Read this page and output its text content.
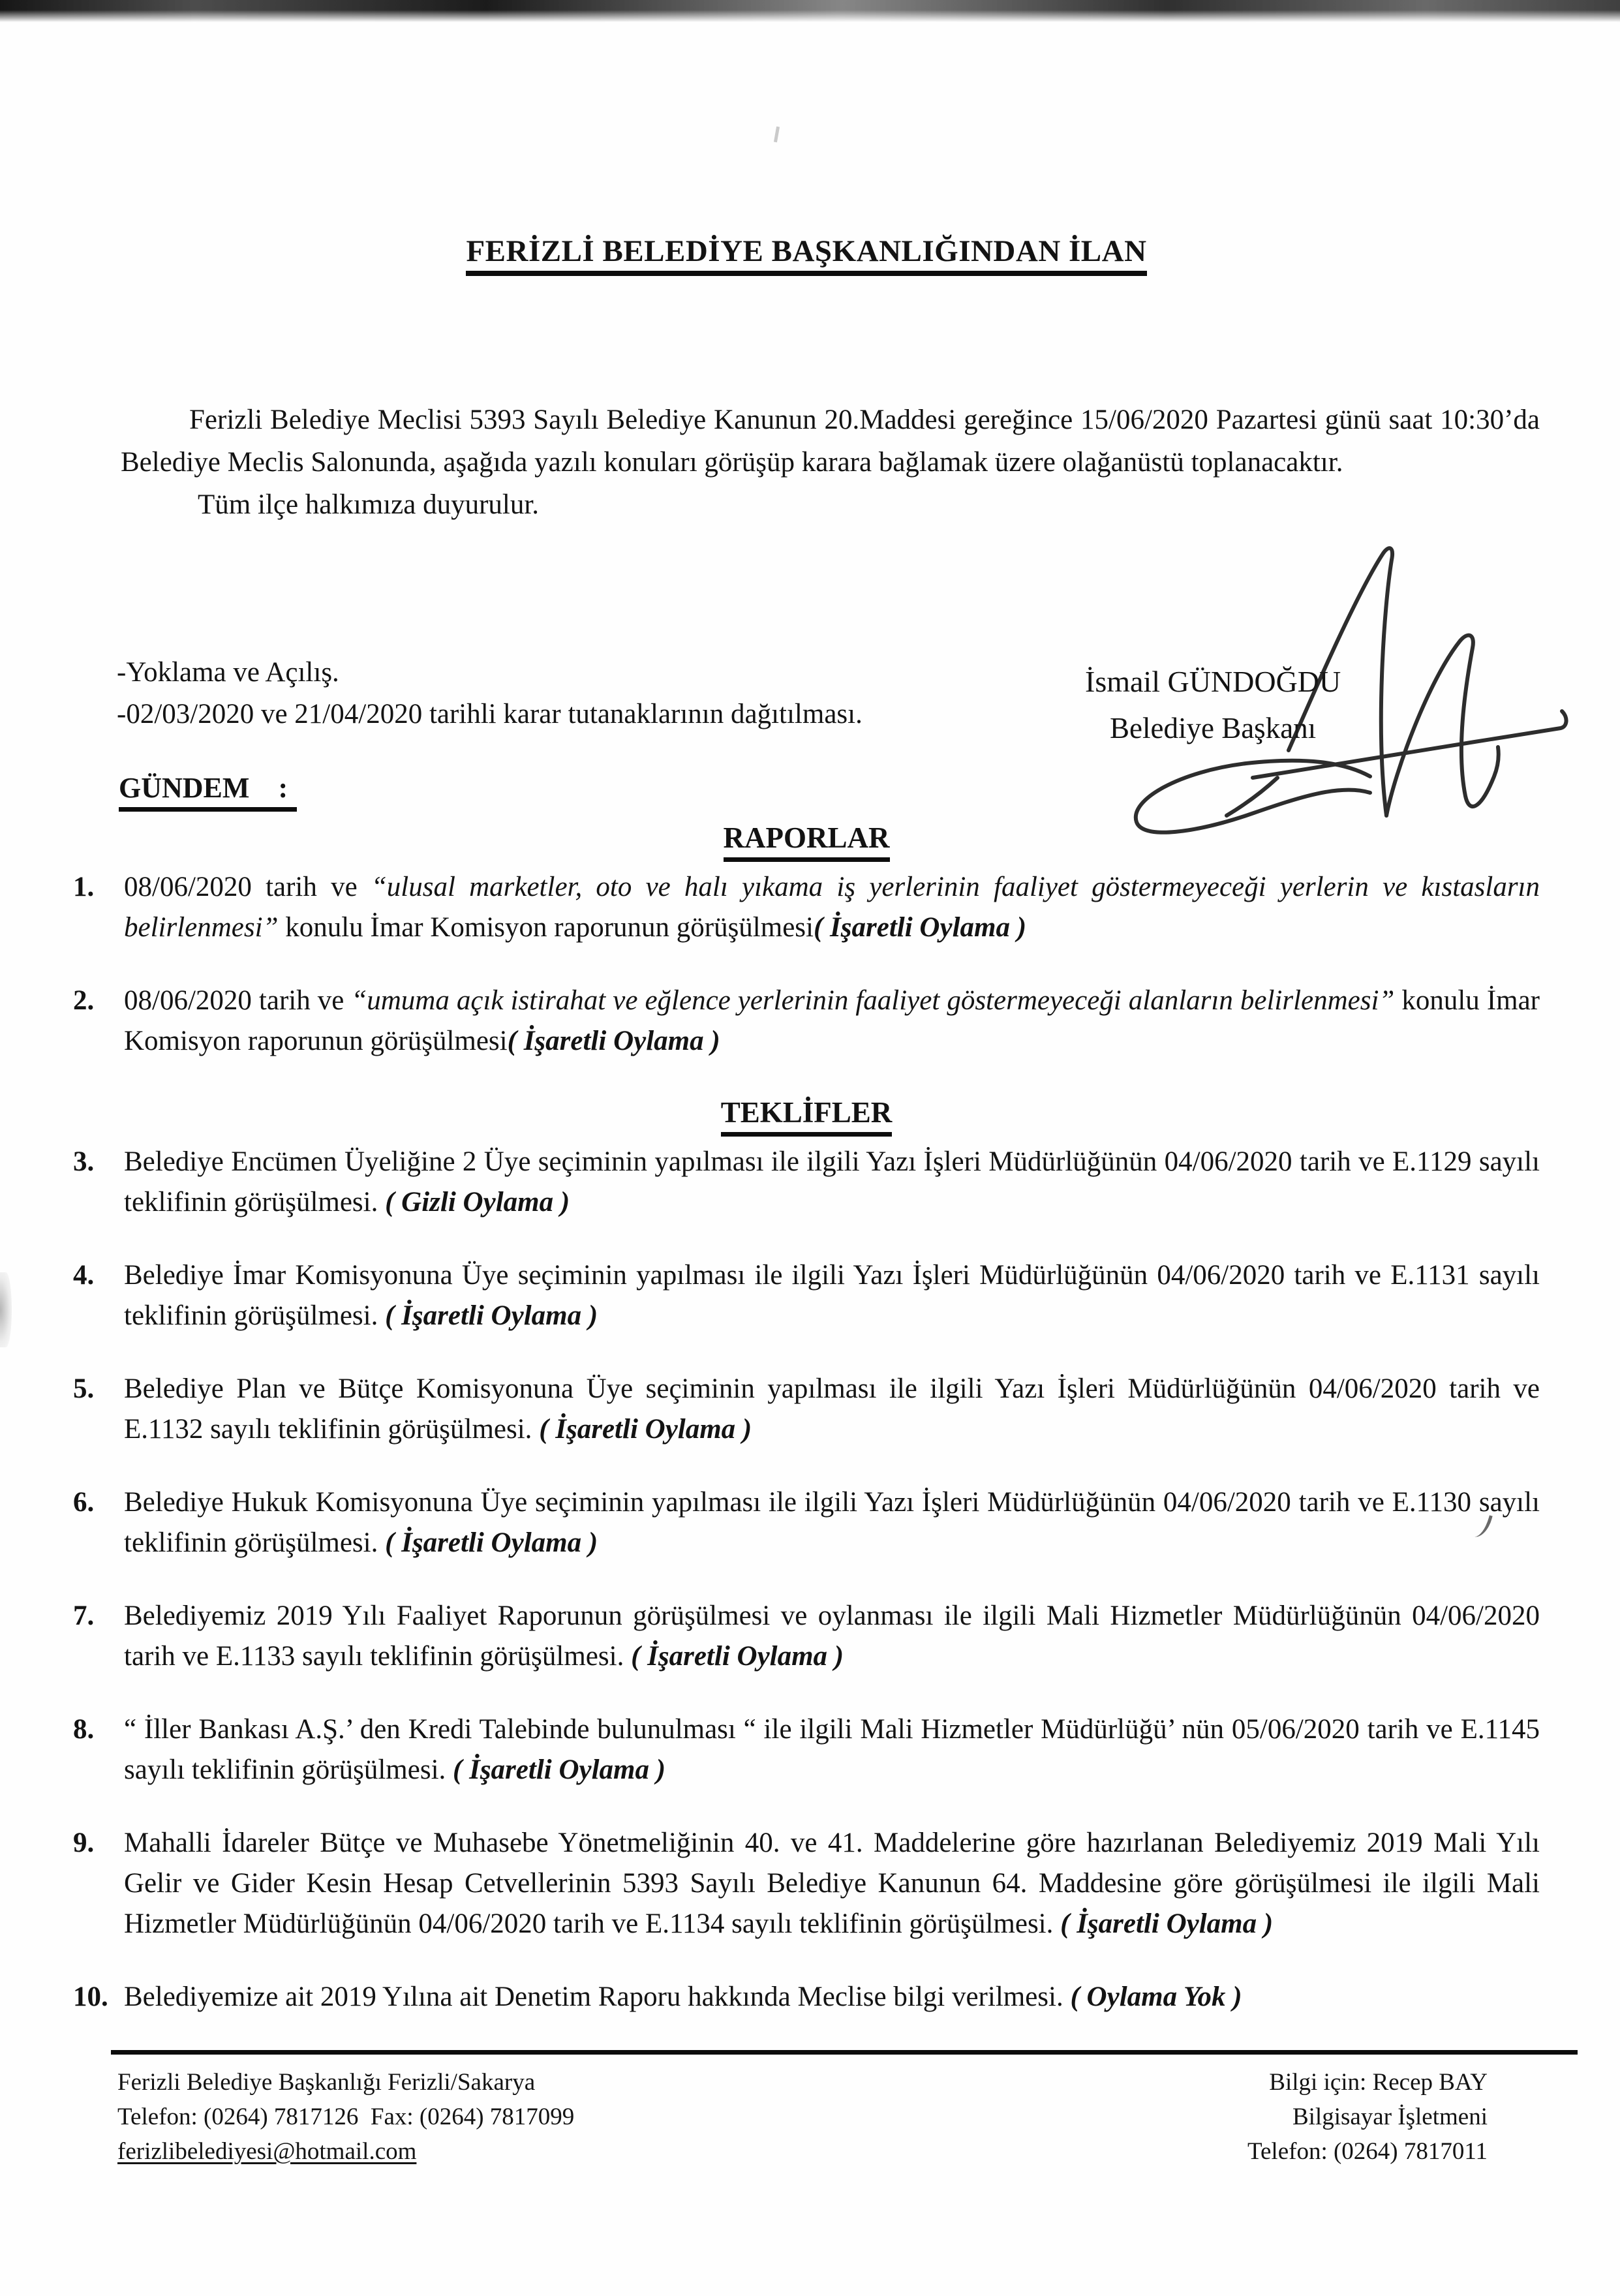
FERİZLİ BELEDİYE BAŞKANLIĞINDAN İLAN

Ferizli Belediye Meclisi 5393 Sayılı Belediye Kanunun 20.Maddesi gereğince 15/06/2020 Pazartesi günü saat 10:30’da Belediye Meclis Salonunda, aşağıda yazılı konuları görüşüp karara bağlamak üzere olağanüstü toplanacaktır.

Tüm ilçe halkımıza duyurulur.

-Yoklama ve Açılış.

-02/03/2020 ve 21/04/2020 tarihli karar tutanaklarının dağıtılması.

GÜNDEM :
RAPORLAR
1.	08/06/2020 tarih ve “ulusal marketler, oto ve halı yıkama iş yerlerinin faaliyet göstermeyeceği yerlerin ve kıstasların belirlenmesi” konulu İmar Komisyon raporunun görüşülmesi( İşaretli Oylama )
2.	08/06/2020 tarih ve “umuma açık istirahat ve eğlence yerlerinin faaliyet göstermeyeceği alanların belirlenmesi” konulu İmar Komisyon raporunun görüşülmesi( İşaretli Oylama )
TEKLİFLER
3.	Belediye Encümen Üyeliğine 2 Üye seçiminin yapılması ile ilgili Yazı İşleri Müdürlüğünün 04/06/2020 tarih ve E.1129 sayılı teklifinin görüşülmesi. ( Gizli Oylama )
4.	Belediye İmar Komisyonuna Üye seçiminin yapılması ile ilgili Yazı İşleri Müdürlüğünün 04/06/2020 tarih ve E.1131 sayılı teklifinin görüşülmesi. ( İşaretli Oylama )
5.	Belediye Plan ve Bütçe Komisyonuna Üye seçiminin yapılması ile ilgili Yazı İşleri Müdürlüğünün 04/06/2020 tarih ve E.1132 sayılı teklifinin görüşülmesi. ( İşaretli Oylama )
6.	Belediye Hukuk Komisyonuna Üye seçiminin yapılması ile ilgili Yazı İşleri Müdürlüğünün 04/06/2020 tarih ve E.1130 sayılı teklifinin görüşülmesi. ( İşaretli Oylama )
7.	Belediyemiz 2019 Yılı Faaliyet Raporunun görüşülmesi ve oylanması ile ilgili Mali Hizmetler Müdürlüğünün 04/06/2020 tarih ve E.1133 sayılı teklifinin görüşülmesi. ( İşaretli Oylama )
8.	“ İller Bankası A.Ş.’ den Kredi Talebinde bulunulması “ ile ilgili Mali Hizmetler Müdürlüğü’ nün 05/06/2020 tarih ve E.1145 sayılı teklifinin görüşülmesi. ( İşaretli Oylama )
9.	Mahalli İdareler Bütçe ve Muhasebe Yönetmeliğinin 40. ve 41. Maddelerine göre hazırlanan Belediyemiz 2019 Mali Yılı Gelir ve Gider Kesin Hesap Cetvellerinin 5393 Sayılı Belediye Kanunun 64. Maddesine göre görüşülmesi ile ilgili Mali Hizmetler Müdürlüğünün 04/06/2020 tarih ve E.1134 sayılı teklifinin görüşülmesi. ( İşaretli Oylama )
10. Belediyemize ait 2019 Yılına ait Denetim Raporu hakkında Meclise bilgi verilmesi. ( Oylama Yok )

Ferizli Belediye Başkanlığı Ferizli/Sakarya

Telefon: (0264) 7817126  Fax: (0264) 7817099

ferizlibelediyesi@hotmail.com

Bilgi için: Recep BAY

Bilgisayar İşletmeni

Telefon: (0264) 7817011

İsmail GÜNDOĞDU
Belediye Başkanı
